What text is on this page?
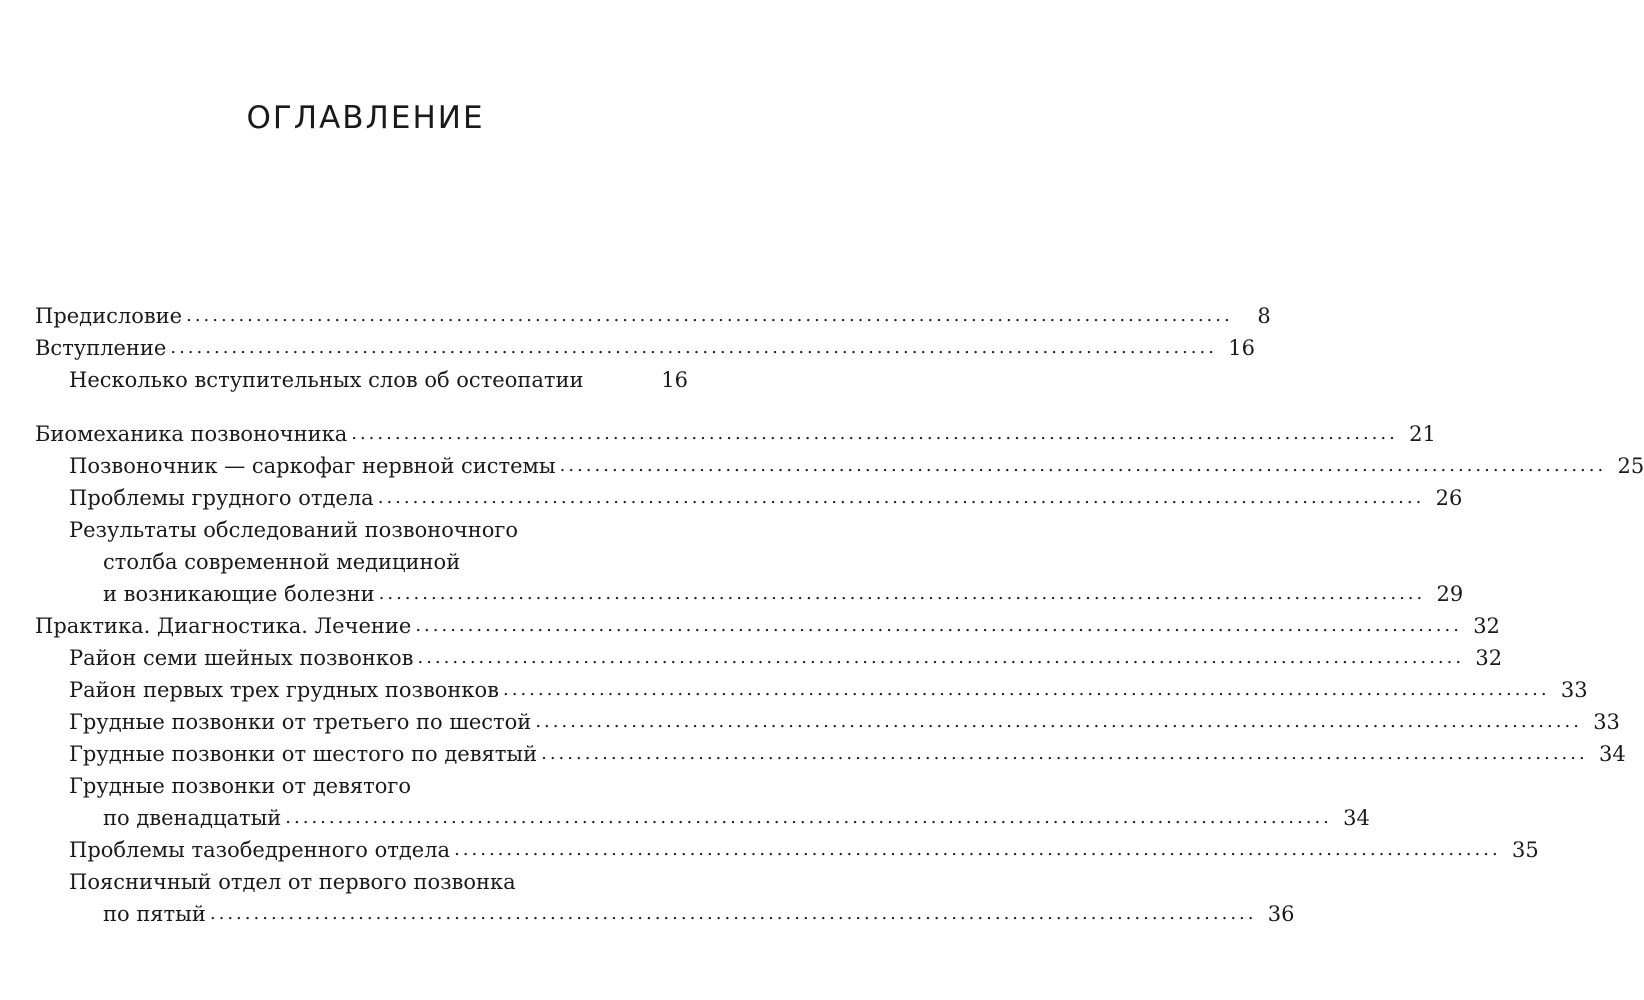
ОГЛАВЛЕНИЕ
Предисловие ........................................................................................................................	8
Вступление ........................................................................................................................ 16
Несколько вступительных слов об остеопатии	16
Биомеханика позвоночника ........................................................................................................................ 21
Позвоночник — саркофаг нервной системы ........................................................................................................................ 25
Проблемы грудного отдела ........................................................................................................................ 26
Результаты обследований позвоночного
столба современной медициной
и возникающие болезни ........................................................................................................................ 29
Практика. Диагностика. Лечение ........................................................................................................................ 32
Район семи шейных позвонков ........................................................................................................................ 32
Район первых трех грудных позвонков ........................................................................................................................ 33
Грудные позвонки от третьего по шестой ........................................................................................................................ 33
Грудные позвонки от шестого по девятый ........................................................................................................................ 34
Грудные позвонки от девятого
по двенадцатый ........................................................................................................................ 34
Проблемы тазобедренного отдела ........................................................................................................................ 35
Поясничный отдел от первого позвонка
по пятый ........................................................................................................................ 36
